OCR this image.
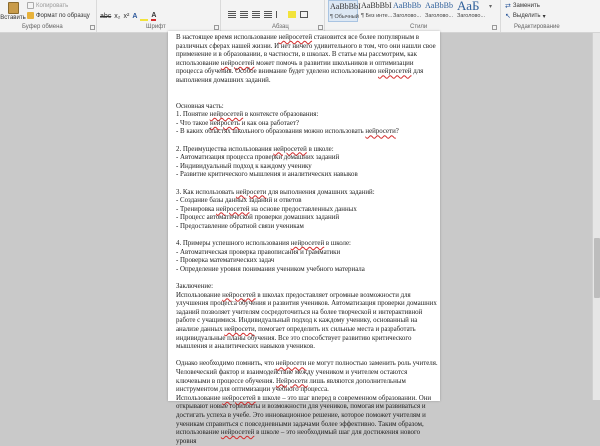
Вставить
Копировать
Формат по образцу
Буфер обмена
abc x₂ x² A A
Шрифт	Абзац
AaBbBbI
¶ Обычный
AaBbBbI
¶ Без инте...
AaBbBb
Заголово...
AaBbBb
Заголово...
АаБ
Заголово...
▾
Стили
⇄ Заменить
↖ Выделить ▾
Редактирование
В настоящее время использование нейросетей становится все более популярным в различных сферах нашей жизни. И нет ничего удивительного в том, что они нашли свое применение и в образовании, в частности, в школах. В статье мы рассмотрим, как использование нейросетей может помочь в развитии школьников и оптимизации процесса обучения. Особое внимание будет уделено использованию нейросетей для выполнения домашних заданий.
Основная часть:
1. Понятие нейросетей в контексте образования:
- Что такое нейросеть и как она работает?
- В каких областях школьного образования можно использовать нейросети?
2. Преимущества использования нейросетей в школе:
- Автоматизация процесса проверки домашних заданий
- Индивидуальный подход к каждому ученику
- Развитие критического мышления и аналитических навыков
3. Как использовать нейросети для выполнения домашних заданий:
- Создание базы данных заданий и ответов
- Тренировка нейросетей на основе предоставленных данных
- Процесс автоматической проверки домашних заданий
- Предоставление обратной связи ученикам
4. Примеры успешного использования нейросетей в школе:
- Автоматическая проверка правописания и грамматики
- Проверка математических задач
- Определение уровня понимания учеником учебного материала
Заключение:
Использование нейросетей в школах предоставляет огромные возможности для улучшения процесса обучения и развития учеников. Автоматизация проверки домашних заданий позволяет учителям сосредоточиться на более творческой и интерактивной работе с учащимися. Индивидуальный подход к каждому ученику, основанный на анализе данных нейросети, помогает определить их сильные места и разработать индивидуальные планы обучения. Все это способствует развитию критического мышления и аналитических навыков учеников.
Однако необходимо помнить, что нейросети не могут полностью заменить роль учителя. Человеческий фактор и взаимодействие между учеником и учителем остаются ключевыми в процессе обучения. Нейросети лишь являются дополнительным инструментом для оптимизации учебного процесса.
Использование нейросетей в школе – это шаг вперед в современном образовании. Они открывают новые горизонты и возможности для учеников, помогая им развиваться и достигать успеха в учебе. Это инновационное решение, которое поможет учителям и ученикам справиться с повседневными задачами более эффективно. Таким образом, использование нейросетей в школе – это необходимый шаг для достижения нового уровня
